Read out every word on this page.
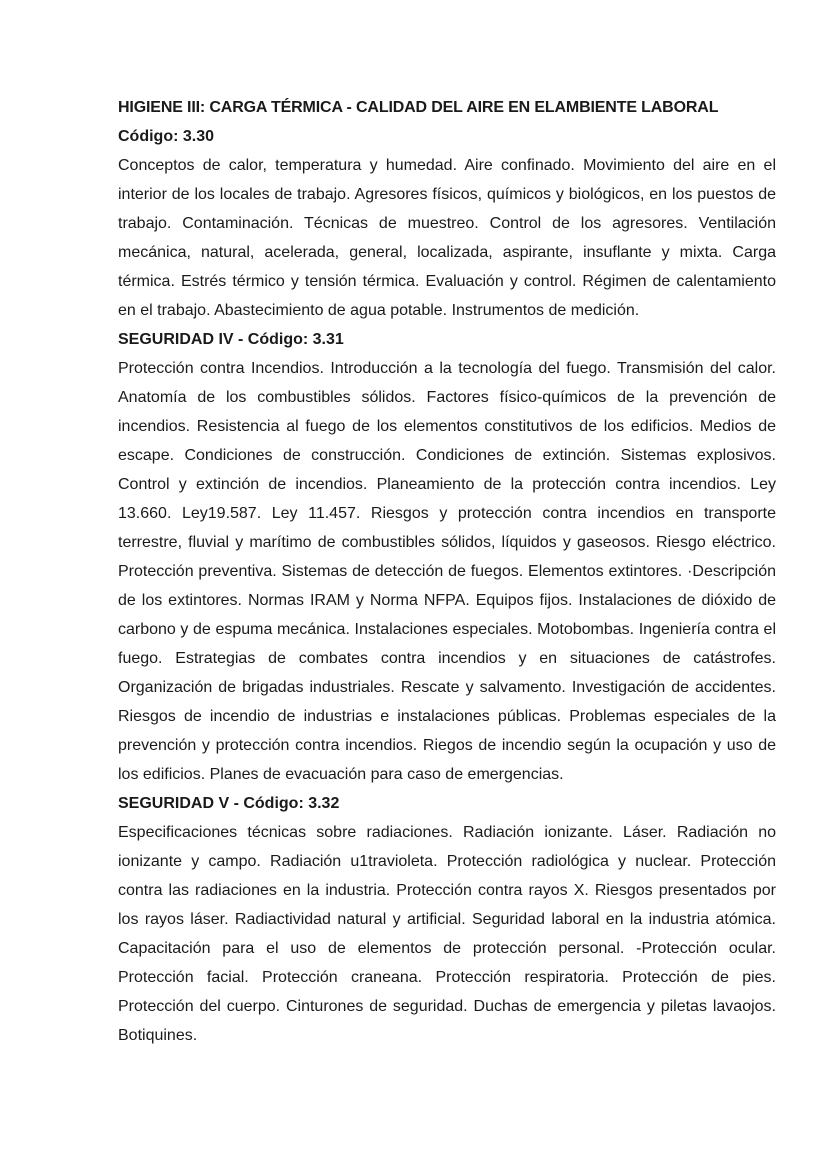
HIGIENE III: CARGA TÉRMICA - CALIDAD DEL AIRE EN ELAMBIENTE LABORAL

Código: 3.30

Conceptos de calor, temperatura y humedad. Aire confinado. Movimiento del aire en el interior de los locales de trabajo. Agresores físicos, químicos y biológicos, en los puestos de trabajo. Contaminación. Técnicas de muestreo. Control de los agresores. Ventilación mecánica, natural, acelerada, general, localizada, aspirante, insuflante y mixta. Carga térmica. Estrés térmico y tensión térmica. Evaluación y control. Régimen de calentamiento en el trabajo. Abastecimiento de agua potable. Instrumentos de medición.

SEGURIDAD IV - Código: 3.31

Protección contra Incendios. Introducción a la tecnología del fuego. Transmisión del calor. Anatomía de los combustibles sólidos. Factores físico-químicos de la prevención de incendios. Resistencia al fuego de los elementos constitutivos de los edificios. Medios de escape. Condiciones de construcción. Condiciones de extinción. Sistemas explosivos. Control y extinción de incendios. Planeamiento de la protección contra incendios. Ley 13.660. Ley19.587. Ley 11.457. Riesgos y protección contra incendios en transporte terrestre, fluvial y marítimo de combustibles sólidos, líquidos y gaseosos. Riesgo eléctrico. Protección preventiva. Sistemas de detección de fuegos. Elementos extintores. ·Descripción de los extintores. Normas IRAM y Norma NFPA. Equipos fijos. Instalaciones de dióxido de carbono y de espuma mecánica. Instalaciones especiales. Motobombas. Ingeniería contra el fuego. Estrategias de combates contra incendios y en situaciones de catástrofes. Organización de brigadas industriales. Rescate y salvamento. Investigación de accidentes. Riesgos de incendio de industrias e instalaciones públicas. Problemas especiales de la prevención y protección contra incendios. Riegos de incendio según la ocupación y uso de los edificios. Planes de evacuación para caso de emergencias.

SEGURIDAD V - Código: 3.32

Especificaciones técnicas sobre radiaciones. Radiación ionizante. Láser. Radiación no ionizante y campo. Radiación u1travioleta. Protección radiológica y nuclear. Protección contra las radiaciones en la industria. Protección contra rayos X. Riesgos presentados por los rayos láser. Radiactividad natural y artificial. Seguridad laboral en la industria atómica. Capacitación para el uso de elementos de protección personal. -Protección ocular. Protección facial. Protección craneana. Protección respiratoria. Protección de pies. Protección del cuerpo. Cinturones de seguridad. Duchas de emergencia y piletas lavaojos. Botiquines.
